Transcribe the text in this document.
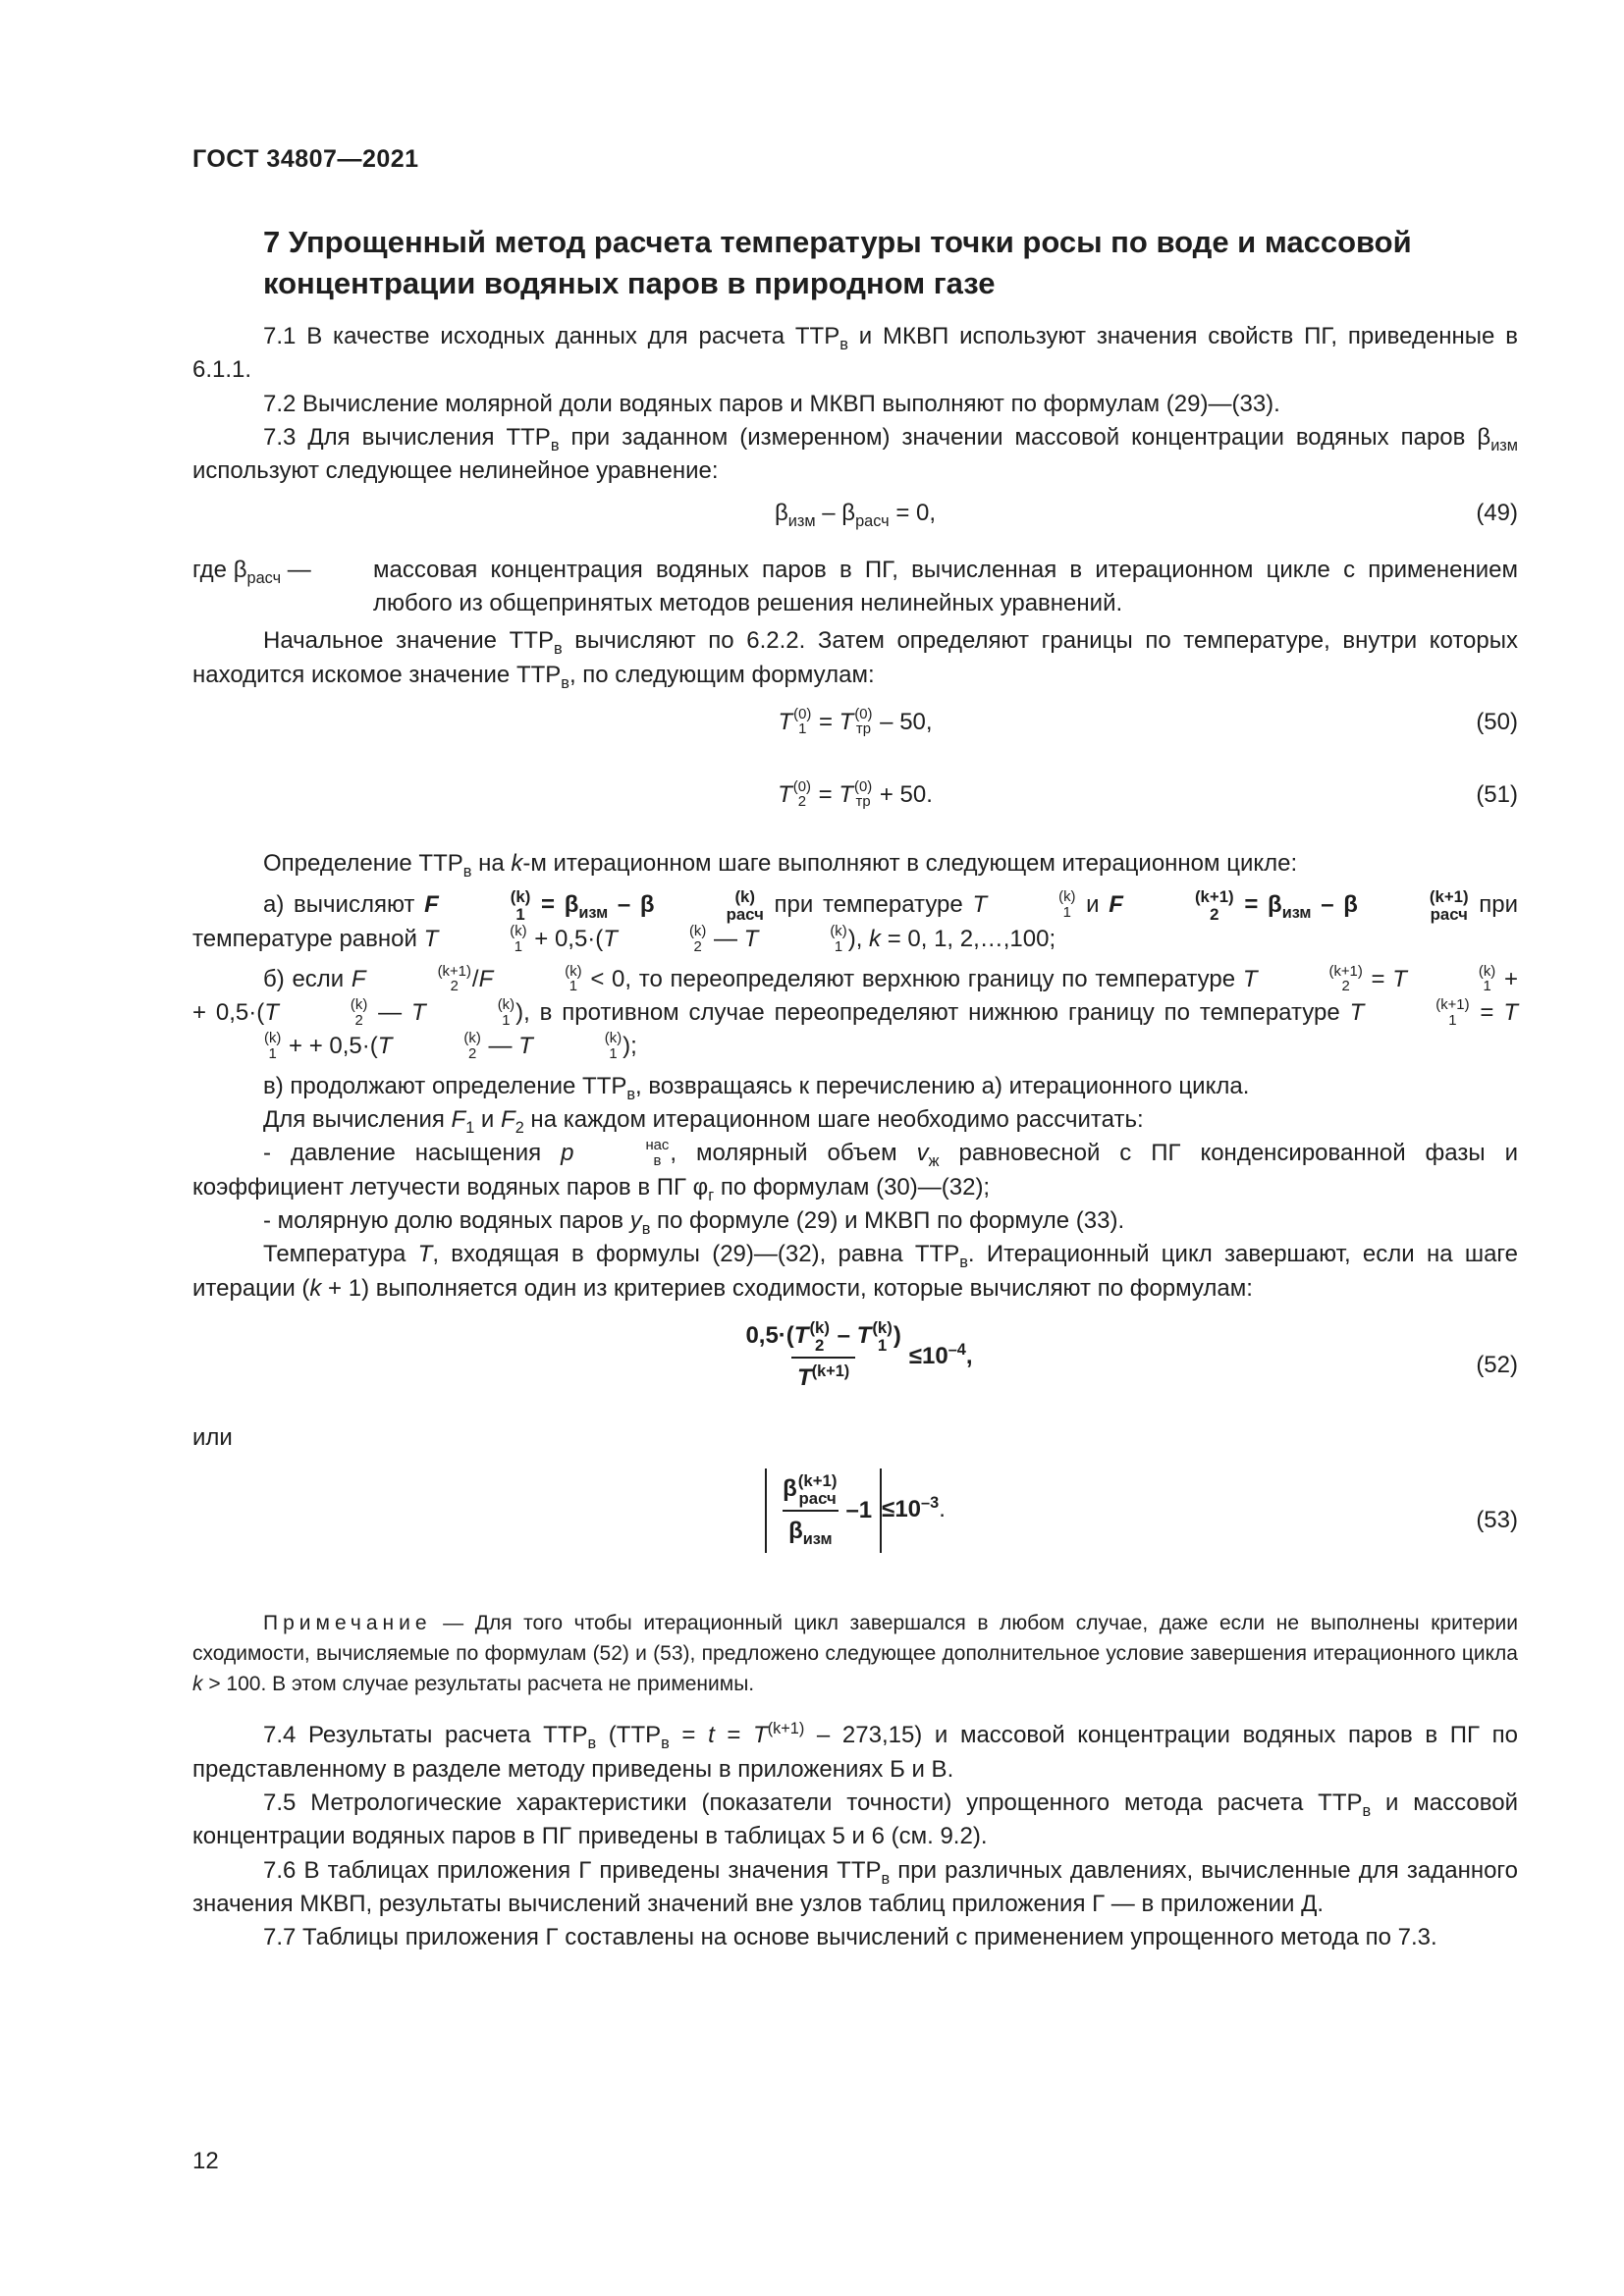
ГОСТ 34807—2021
7 Упрощенный метод расчета температуры точки росы по воде и массовой концентрации водяных паров в природном газе

7.1 В качестве исходных данных для расчета $ТТР_в$ и МКВП используют значения свойств ПГ, приведенные в 6.1.1.

7.2 Вычисление молярной доли водяных паров и МКВП выполняют по формулам (29)—(33).

7.3 Для вычисления $ТТР_в$ при заданном (измеренном) значении массовой концентрации водяных паров $\beta_{изм}$ используют следующее нелинейное уравнение:

$\beta_{изм} - \beta_{расч} = 0$,	(49)
где $\beta_{расч}$ —	массовая концентрация водяных паров в ПГ, вычисленная в итерационном цикле с применением любого из общепринятых методов решения нелинейных уравнений.

Начальное значение $ТТР_в$ вычисляют по 6.2.2. Затем определяют границы по температуре, внутри которых находится искомое значение $ТТР_в$, по следующим формулам:

T (0)
1 = T (0)
тр – 50,	(50)
T (0)
2 = T (0)
тр + 50.	(51)

Определение $ТТР_в$ на k-м итерационном шаге выполняют в следующем итерационном цикле:

а) вычисляют F	(k)
$1 = \beta_{изм} - \beta$	(k)
расч при температуре T	(k)
1 и F	(k+1)
$2 = \beta_{изм} - \beta$	(k+1)
расч при температуре равной T	(k)
1 + 0,5·(T	(k)
2 — T	(k)
1 ), k = 0, 1, 2,…,100;

б) если F	(k+1)
2 /F	(k)
1 < 0, то переопределяют верхнюю границу по температуре T	(k+1)
2 = T	(k)
1 + + 0,5·(T	(k)
2 — T	(k)
1 ), в противном случае переопределяют нижнюю границу по температуре T	(k+1)
1 = T
(k)
1 + + 0,5·(T	(k)
2 — T	(k)
1 );

в) продолжают определение $ТТР_в$, возвращаясь к перечислению а) итерационного цикла.

Для вычисления $F_1$ и $F_2$ на каждом итерационном шаге необходимо рассчитать:

- давление насыщения p	нас
в , молярный объем $v_ж$ равновесной с ПГ конденсированной фазы и коэффициент летучести водяных паров в ПГ $\varphi_г$ по формулам (30)—(32);

- молярную долю водяных паров $y_в$ по формуле (29) и МКВП по формуле (33).

Температура T, входящая в формулы (29)—(32), равна $ТТР_в$. Итерационный цикл завершают, если на шаге итерации (k + 1) выполняется один из критериев сходимости, которые вычисляют по формулам:

0,5·(T (k)
2 – T (k)
1 )
$T^{(k+1)} \le 10^{-4}$,	(52)

или

β (k+1)
расч
$\beta_{изм}$ $-1 \le 10^{-3}$.	(53)

Примечание — Для того чтобы итерационный цикл завершался в любом случае, даже если не выполнены критерии сходимости, вычисляемые по формулам (52) и (53), предложено следующее дополнительное условие завершения итерационного цикла k > 100. В этом случае результаты расчета не применимы.

7.4 Результаты расчета $ТТР_в$ $(ТТР_в = t = T^{(k+1)} - 273,15)$ и массовой концентрации водяных паров в ПГ по представленному в разделе методу приведены в приложениях Б и В.

7.5 Метрологические характеристики (показатели точности) упрощенного метода расчета $ТТР_в$ и массовой концентрации водяных паров в ПГ приведены в таблицах 5 и 6 (см. 9.2).

7.6 В таблицах приложения Г приведены значения $ТТР_в$ при различных давлениях, вычисленные для заданного значения МКВП, результаты вычислений значений вне узлов таблиц приложения Г — в приложении Д.

7.7 Таблицы приложения Г составлены на основе вычислений с применением упрощенного метода по 7.3.

12
